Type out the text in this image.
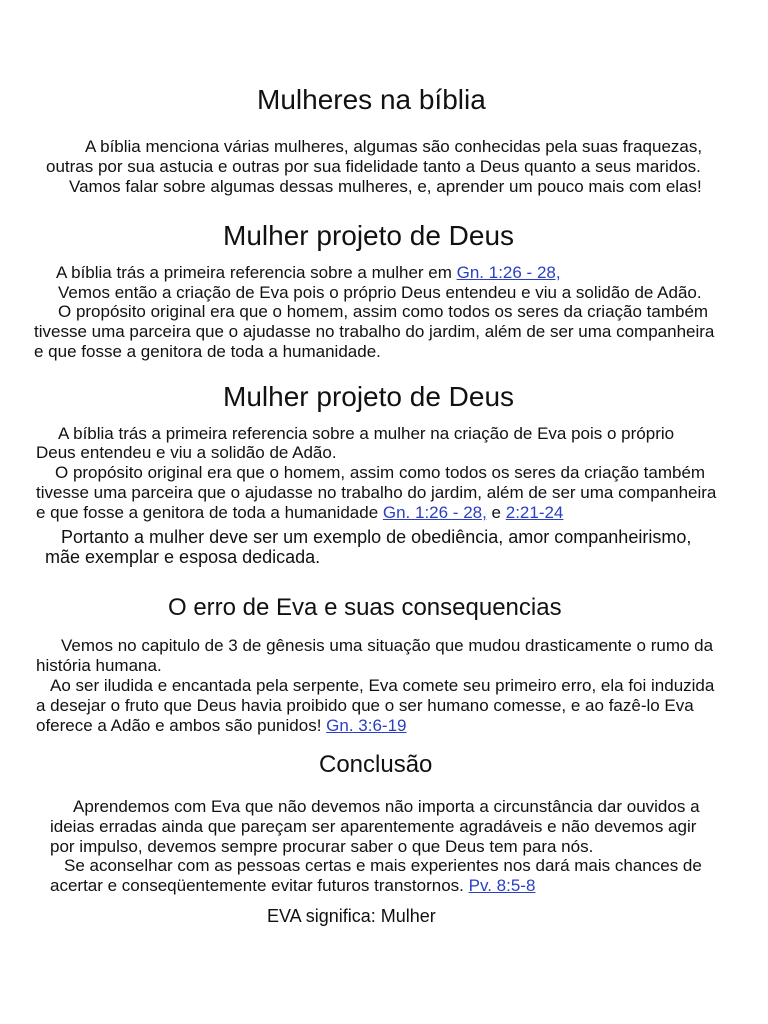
Mulheres na bíblia
A bíblia menciona várias mulheres, algumas são conhecidas pela suas fraquezas,
outras por sua astucia e outras por sua fidelidade tanto a Deus quanto a seus maridos.
Vamos falar sobre algumas dessas mulheres, e, aprender um pouco mais com elas!
Mulher projeto de Deus
A bíblia trás a primeira referencia sobre a mulher em Gn. 1:26 - 28,
Vemos então a criação de Eva pois o próprio Deus entendeu e viu a solidão de Adão.
O propósito original era que o homem, assim como todos os seres da criação também
tivesse uma parceira que o ajudasse no trabalho do jardim, além de ser uma companheira
e que fosse a genitora de toda a humanidade.
Mulher projeto de Deus
A bíblia trás a primeira referencia sobre a mulher na criação de Eva pois o próprio
Deus entendeu e viu a solidão de Adão.
O propósito original era que o homem, assim como todos os seres da criação também
tivesse uma parceira que o ajudasse no trabalho do jardim, além de ser uma companheira
e que fosse a genitora de toda a humanidade Gn. 1:26 - 28, e 2:21-24
Portanto a mulher deve ser um exemplo de obediência, amor companheirismo,
mãe exemplar e esposa dedicada.
O erro de Eva e suas consequencias
Vemos no capitulo de 3 de gênesis uma situação que mudou drasticamente o rumo da
história humana.
Ao ser iludida e encantada pela serpente, Eva comete seu primeiro erro, ela foi induzida
a desejar o fruto que Deus havia proibido que o ser humano comesse, e ao fazê-lo Eva
oferece a Adão e ambos são punidos! Gn. 3:6-19
Conclusão
Aprendemos com Eva que não devemos não importa a circunstância dar ouvidos a
ideias erradas ainda que pareçam ser aparentemente agradáveis e não devemos agir
por impulso, devemos sempre procurar saber o que Deus tem para nós.
Se aconselhar com as pessoas certas e mais experientes nos dará mais chances de
acertar e conseqüentemente evitar futuros transtornos. Pv. 8:5-8
EVA significa: Mulher
